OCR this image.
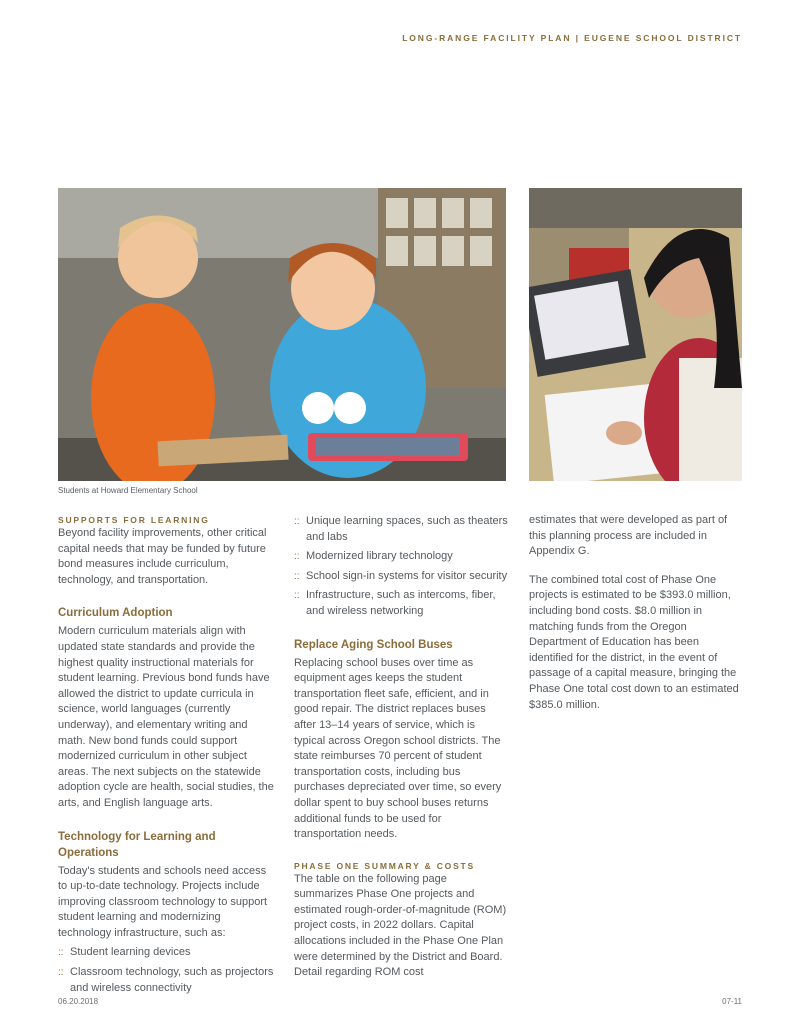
LONG-RANGE FACILITY PLAN | EUGENE SCHOOL DISTRICT
Students at Howard Elementary School
SUPPORTS FOR LEARNING

Beyond facility improvements, other critical capital needs that may be funded by future bond measures include curriculum, technology, and transportation.

Curriculum Adoption

Modern curriculum materials align with updated state standards and provide the highest quality instructional materials for student learning. Previous bond funds have allowed the district to update curricula in science, world languages (currently underway), and elementary writing and math. New bond funds could support modernized curriculum in other subject areas. The next subjects on the statewide adoption cycle are health, social studies, the arts, and English language arts.

Technology for Learning and Operations

Today's students and schools need access to up-to-date technology. Projects include improving classroom technology to support student learning and modernizing technology infrastructure, such as:

:: Student learning devices
:: Classroom technology, such as projectors and wireless connectivity
:: Unique learning spaces, such as theaters and labs
:: Modernized library technology
:: School sign-in systems for visitor security
:: Infrastructure, such as intercoms, fiber, and wireless networking
Replace Aging School Buses

Replacing school buses over time as equipment ages keeps the student transportation fleet safe, efficient, and in good repair. The district replaces buses after 13–14 years of service, which is typical across Oregon school districts. The state reimburses 70 percent of student transportation costs, including bus purchases depreciated over time, so every dollar spent to buy school buses returns additional funds to be used for transportation needs.

PHASE ONE SUMMARY & COSTS

The table on the following page summarizes Phase One projects and estimated rough-order-of-magnitude (ROM) project costs, in 2022 dollars. Capital allocations included in the Phase One Plan were determined by the District and Board. Detail regarding ROM cost

estimates that were developed as part of this planning process are included in Appendix G.

The combined total cost of Phase One projects is estimated to be $393.0 million, including bond costs. $8.0 million in matching funds from the Oregon Department of Education has been identified for the district, in the event of passage of a capital measure, bringing the Phase One total cost down to an estimated $385.0 million.

06.20.2018	07-11
